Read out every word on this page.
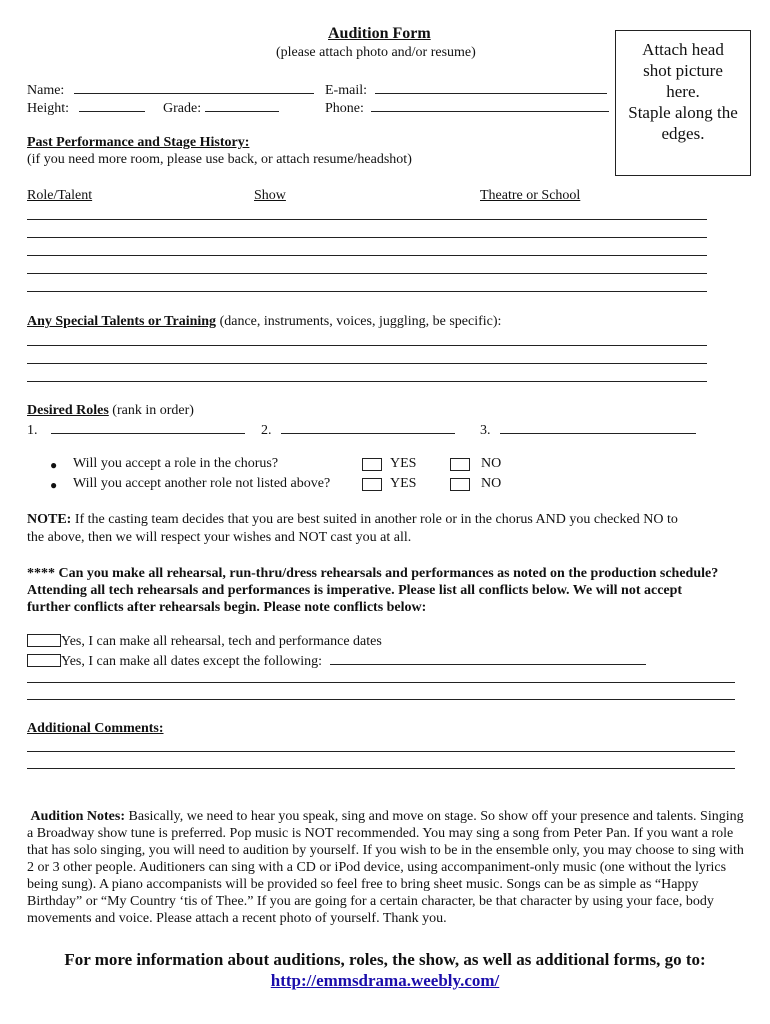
Audition Form
(please attach photo and/or resume)	Attach head
shot picture
here.
Staple along the
edges.
Name:	E-mail:
Height:	Grade:	Phone:
Past Performance and Stage History:
(if you need more room, please use back, or attach resume/headshot)
Role/Talent	Show	Theatre or School
Any Special Talents or Training (dance, instruments, voices, juggling, be specific):
Desired Roles (rank in order)
1.	2.	3.
● Will you accept a role in the chorus?	YES	NO
● Will you accept another role not listed above?	YES	NO
NOTE: If the casting team decides that you are best suited in another role or in the chorus AND you checked NO to
the above, then we will respect your wishes and NOT cast you at all.
**** Can you make all rehearsal, run-thru/dress rehearsals and performances as noted on the production schedule?
Attending all tech rehearsals and performances is imperative. Please list all conflicts below. We will not accept
further conflicts after rehearsals begin. Please note conflicts below:
Yes, I can make all rehearsal, tech and performance dates
Yes, I can make all dates except the following:
Additional Comments:
Audition Notes: Basically, we need to hear you speak, sing and move on stage. So show off your presence and talents. Singing a Broadway show tune is preferred. Pop music is NOT recommended. You may sing a song from Peter Pan. If you want a role that has solo singing, you will need to audition by yourself. If you wish to be in the ensemble only, you may choose to sing with 2 or 3 other people. Auditioners can sing with a CD or iPod device, using accompaniment-only music (one without the lyrics being sung). A piano accompanists will be provided so feel free to bring sheet music. Songs can be as simple as “Happy Birthday” or “My Country ‘tis of Thee.” If you are going for a certain character, be that character by using your face, body movements and voice. Please attach a recent photo of yourself. Thank you.
For more information about auditions, roles, the show, as well as additional forms, go to:
http://emmsdrama.weebly.com/
